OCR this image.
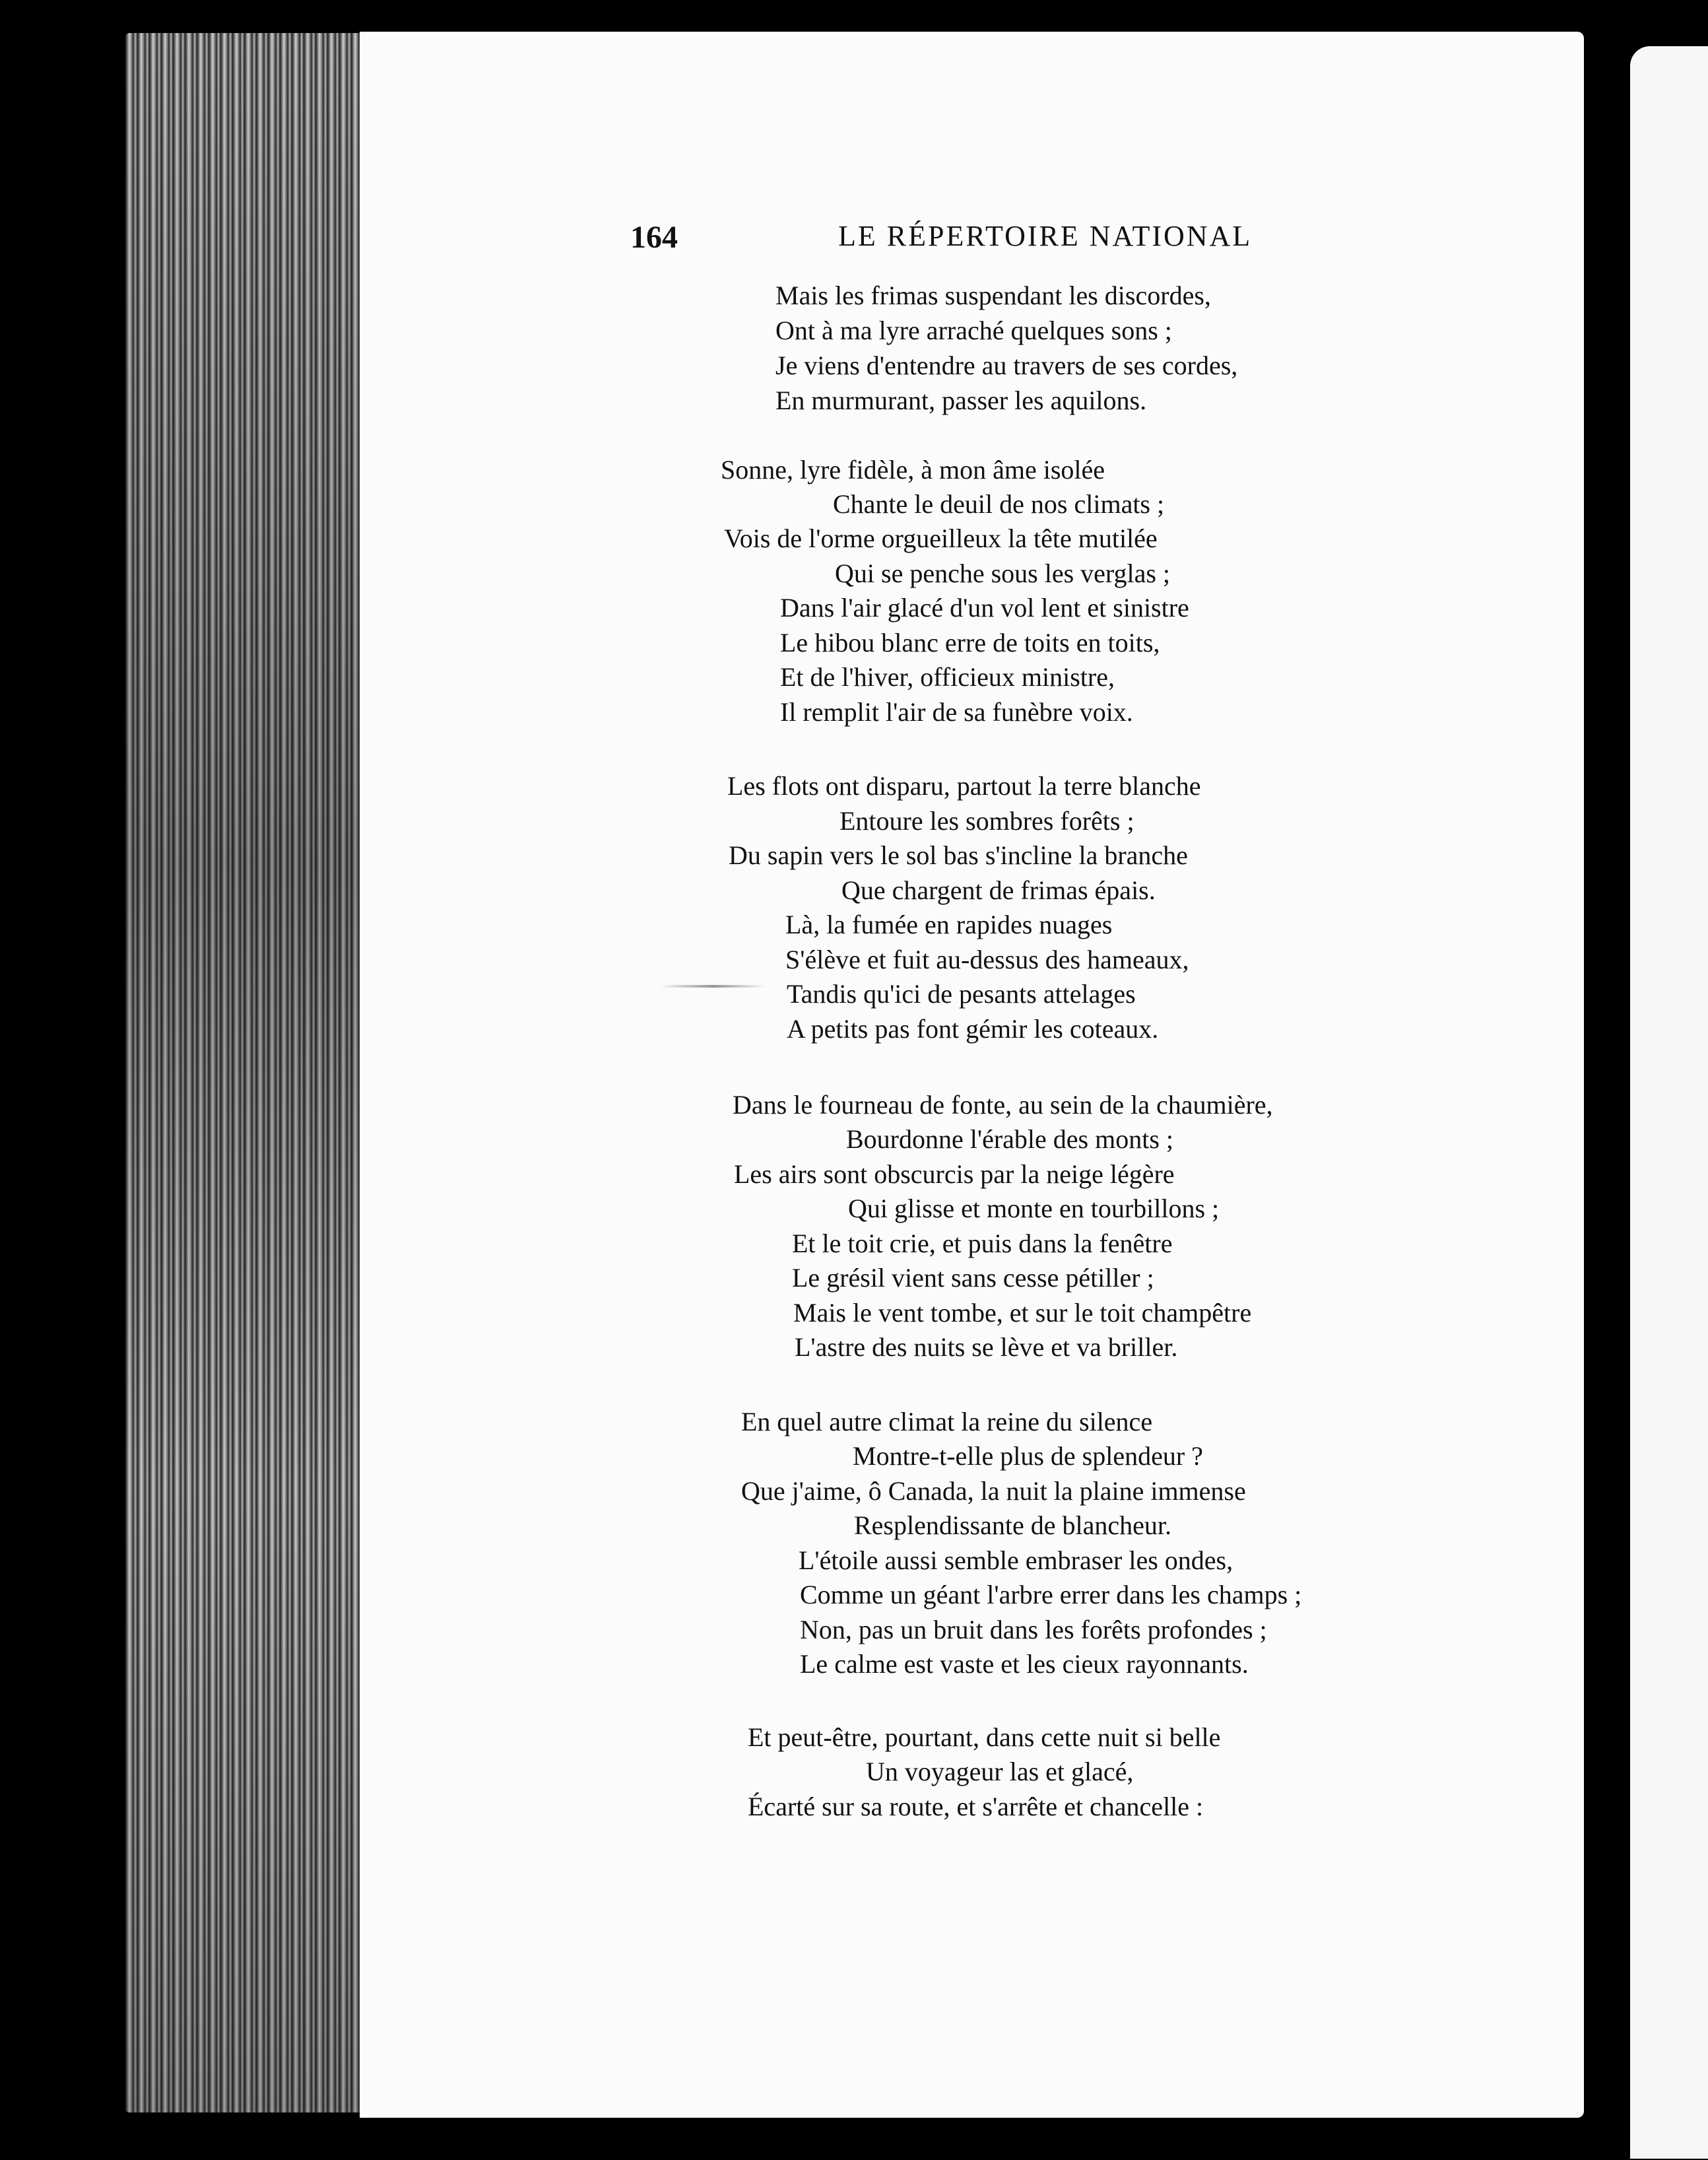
164	LE RÉPERTOIRE NATIONAL
Mais les frimas suspendant les discordes,
Ont à ma lyre arraché quelques sons ;
Je viens d'entendre au travers de ses cordes,
En murmurant, passer les aquilons.
Sonne, lyre fidèle, à mon âme isolée
Chante le deuil de nos climats ;
Vois de l'orme orgueilleux la tête mutilée
Qui se penche sous les verglas ;
Dans l'air glacé d'un vol lent et sinistre
Le hibou blanc erre de toits en toits,
Et de l'hiver, officieux ministre,
Il remplit l'air de sa funèbre voix.
Les flots ont disparu, partout la terre blanche
Entoure les sombres forêts ;
Du sapin vers le sol bas s'incline la branche
Que chargent de frimas épais.
Là, la fumée en rapides nuages
S'élève et fuit au-dessus des hameaux,
Tandis qu'ici de pesants attelages
A petits pas font gémir les coteaux.
Dans le fourneau de fonte, au sein de la chaumière,
Bourdonne l'érable des monts ;
Les airs sont obscurcis par la neige légère
Qui glisse et monte en tourbillons ;
Et le toit crie, et puis dans la fenêtre
Le grésil vient sans cesse pétiller ;
Mais le vent tombe, et sur le toit champêtre
L'astre des nuits se lève et va briller.
En quel autre climat la reine du silence
Montre-t-elle plus de splendeur ?
Que j'aime, ô Canada, la nuit la plaine immense
Resplendissante de blancheur.
L'étoile aussi semble embraser les ondes,
Comme un géant l'arbre errer dans les champs ;
Non, pas un bruit dans les forêts profondes ;
Le calme est vaste et les cieux rayonnants.
Et peut-être, pourtant, dans cette nuit si belle
Un voyageur las et glacé,
Écarté sur sa route, et s'arrête et chancelle :
